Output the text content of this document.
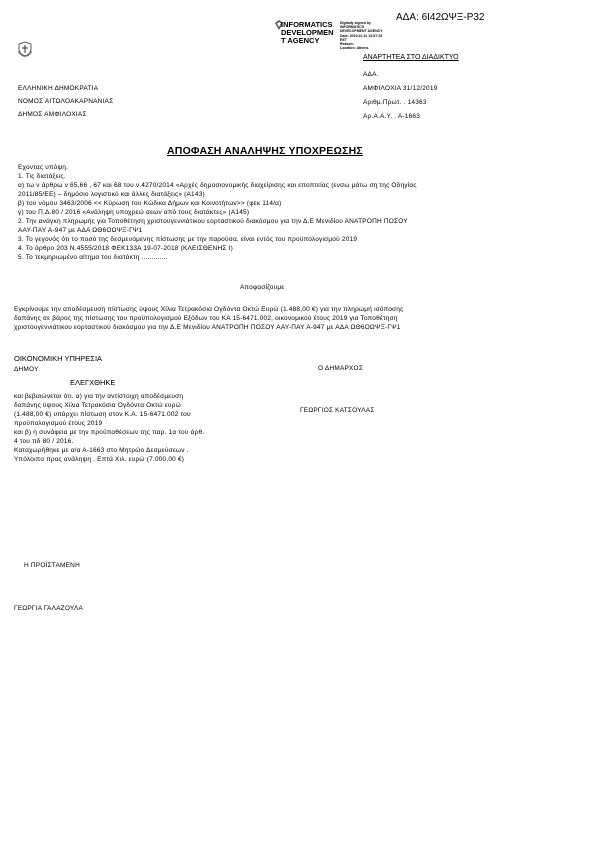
ΑΔΑ: 6Ι42ΩΨΞ-Ρ32
INFORMATICS
DEVELOPMEN
T AGENCY
Digitally signed by
INFORMATICS
DEVELOPMENT AGENCY
Date: 2019.12.31 13:57:33
EET
Reason:
Location: Athens
ΑΝΑΡΤΗΤΕΑ ΣΤΟ ΔΙΑΔΙΚΤΥΟ
ΕΛΛΗΝΙΚΗ ΔΗΜΟΚΡΑΤΙΑ
ΝΟΜΟΣ ΑΙΤΩΛΟΑΚΑΡΝΑΝΙΑΣ
ΔΗΜΟΣ ΑΜΦΙΛΟΧΙΑΣ
ΑΔΑ.
ΑΜΦΙΛΟΧΙΑ 31/12/2019
Αριθμ.Πρωτ. . 14363
Αρ.Α.Α.Υ. . Α-1663
ΑΠΟΦΑΣΗ ΑΝΑΛΗΨΗΣ ΥΠΟΧΡΕΩΣΗΣ
Εχοντας υπόψη.
1. Τις διατάξεις.
α) τω ν άρθρω ν 65,66 , 67 και 68 του ν.4270/2014 «Αρχές δημοσιονομικής διαχείρισης και εποπτείας (ενσω μάτω ση της Οδηγίας
2011/85/ΕΕ) – δημόσιο λογιστικό και άλλες διατάξεις» (Α143)
β) του νόμου 3463/2006 << Κύρωση του Κώδικα Δήμων και Κοινοτήτων>> (φεκ 114/α)
γ) του Π.Δ.80 / 2016 «Ανάληψη υποχρεώ σεων από τους διατάκτες» (Α145)
2. Την ανάγκη πληρωμής για Τοποθέτηση χριστουγεννιάτικου εορταστικού διακόσμου για την Δ.Ε Μενιδίου ΑΝΑΤΡΟΠΗ ΠΟΣΟΥ
ΑΑΥ-ΠΑΥ Α-947 με ΑΔΑ ΩΘ6ΟΩΨΞ-ΓΨ1
3. Το γεγονός ότι το ποσό της δεσμευόμενης πίστωσης με την παρούσα, είναι εντός του προϋπολογισμού 2019
4. Το άρθρο 203 Ν.4555/2018 ΦΕΚ133Α 19-07-2018 (ΚΛΕΙΣΘΕΝΗΣ Ι)
5. Το τεκμηριωμένο αίτημα του διατάκτη .............
Αποφασίζουμε
Εγκρίνουμε την αποδέσμευση πίστωσης ύψους Χίλια Τετρακόσια Ογδόντα Οκτώ Ευρώ (1.488,00 €) για την πληρωμή ισόποσης
δαπάνης σε βάρος της πίστωσης του προϋπολογισμού Εξόδων του ΚΑ 15-6471.002, οικονομικού έτους 2019 για Τοποθέτηση
χριστουγεννιάτικου εορταστικού διακόσμου για την Δ.Ε Μενιδίου ΑΝΑΤΡΟΠΗ ΠΟΣΟΥ ΑΑΥ-ΠΑΥ Α-947 με ΑΔΑ ΩΘ6ΟΩΨΞ-ΓΨ1
ΟΙΚΟΝΟΜΙΚΗ ΥΠΗΡΕΣΙΑ
ΔΗΜΟΥ
ΕΛΕΓΧΘΗΚΕ
και βεβαιώνεται ότι. α) για την αντίστοιχη αποδέσμευση
δαπάνης ύψους Χίλια Τετρακόσια Ογδόντα Οκτώ ευρώ
(1.488,00 €) υπάρχει πίστωση στον Κ.Α. 15-6471.002 του
προϋπολογισμού έτους 2019
και β) η συνάφεια με την προϋποθέσεων της παρ. 1α του άρθ.
4 του πδ 80 / 2016.
Καταχωρήθηκε με α/α Α-1663 στο Μητρώο Δεσμεύσεων .
Υπόλοιπο προς ανάληψη . Επτά Χιλ. ευρώ (7.000,00 €)
Ο ΔΗΜΑΡΧΟΣ
ΓΕΩΡΓΙΟΣ ΚΑΤΣΟΥΛΑΣ
Η ΠΡΟΪΣΤΑΜΕΝΗ
ΓΕΩΡΓΙΑ ΓΑΛΑΖΟΥΛΑ
